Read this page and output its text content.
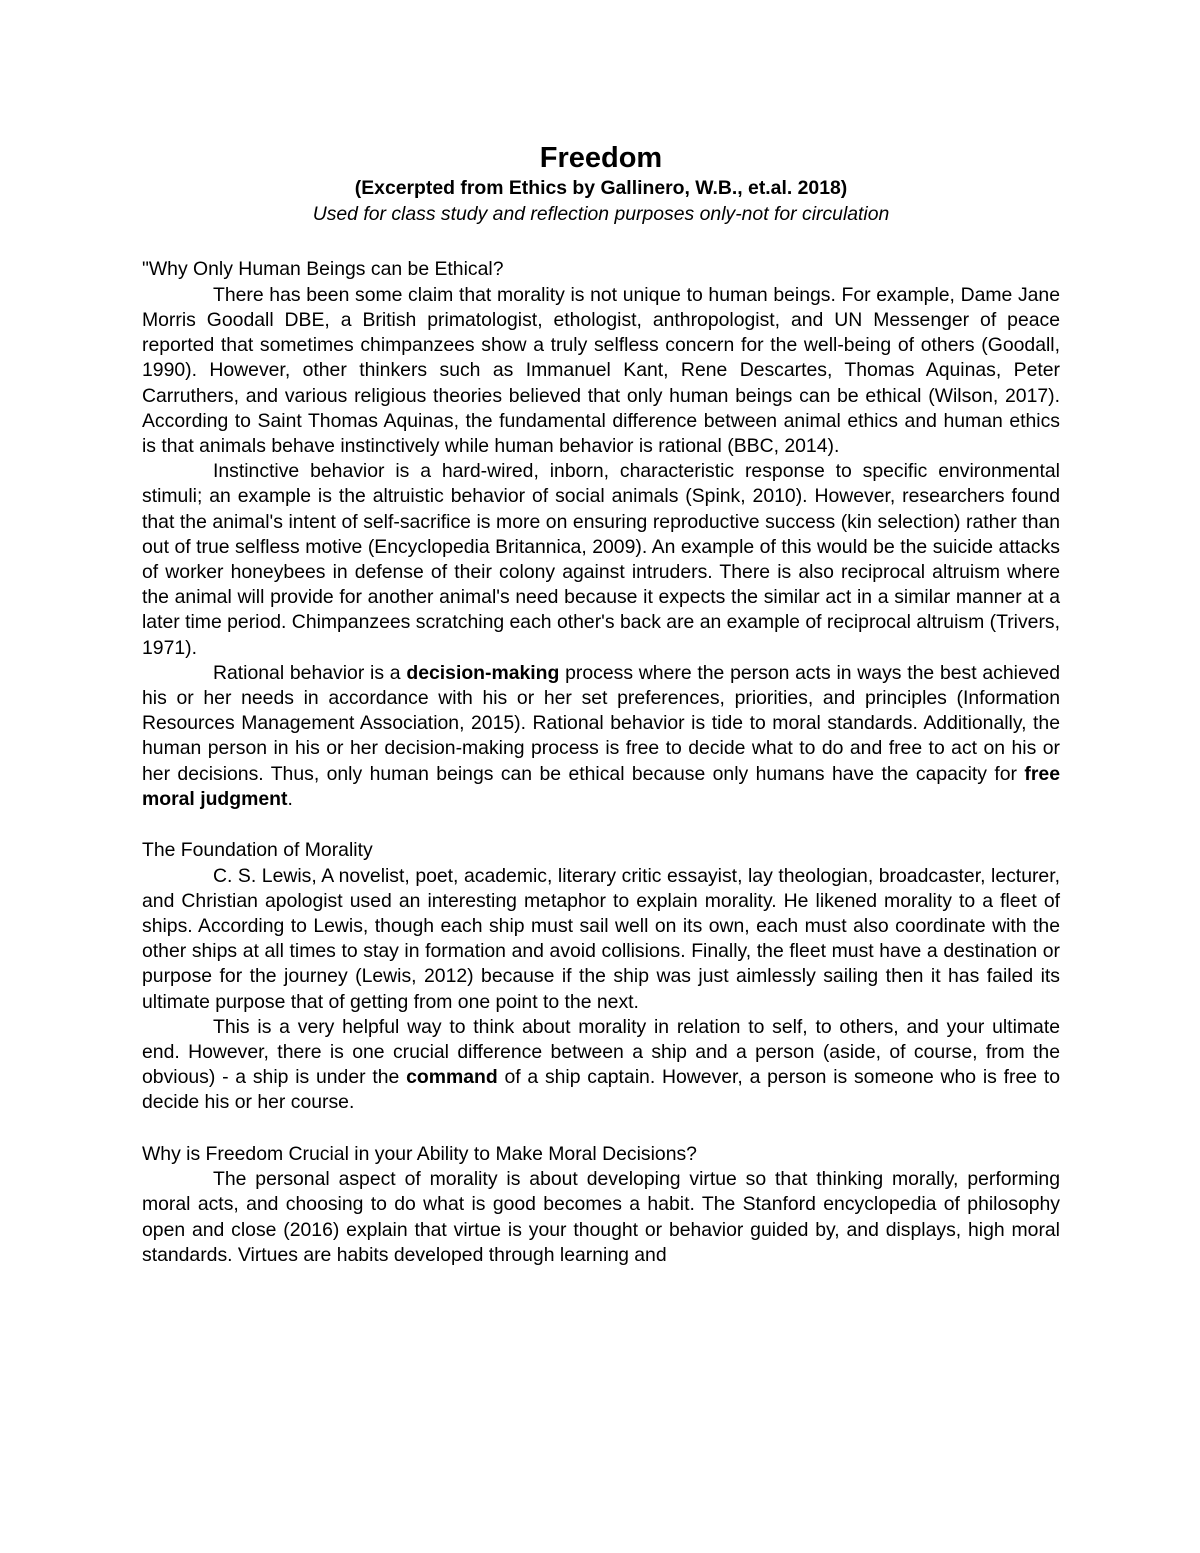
Freedom
(Excerpted from Ethics by Gallinero, W.B., et.al. 2018)
Used for class study and reflection purposes only-not for circulation
"Why Only Human Beings can be Ethical?

There has been some claim that morality is not unique to human beings. For example, Dame Jane Morris Goodall DBE, a British primatologist, ethologist, anthropologist, and UN Messenger of peace reported that sometimes chimpanzees show a truly selfless concern for the well-being of others (Goodall, 1990). However, other thinkers such as Immanuel Kant, Rene Descartes, Thomas Aquinas, Peter Carruthers, and various religious theories believed that only human beings can be ethical (Wilson, 2017). According to Saint Thomas Aquinas, the fundamental difference between animal ethics and human ethics is that animals behave instinctively while human behavior is rational (BBC, 2014).

Instinctive behavior is a hard-wired, inborn, characteristic response to specific environmental stimuli; an example is the altruistic behavior of social animals (Spink, 2010). However, researchers found that the animal's intent of self-sacrifice is more on ensuring reproductive success (kin selection) rather than out of true selfless motive (Encyclopedia Britannica, 2009). An example of this would be the suicide attacks of worker honeybees in defense of their colony against intruders. There is also reciprocal altruism where the animal will provide for another animal's need because it expects the similar act in a similar manner at a later time period. Chimpanzees scratching each other's back are an example of reciprocal altruism (Trivers, 1971).

Rational behavior is a decision-making process where the person acts in ways the best achieved his or her needs in accordance with his or her set preferences, priorities, and principles (Information Resources Management Association, 2015). Rational behavior is tide to moral standards. Additionally, the human person in his or her decision-making process is free to decide what to do and free to act on his or her decisions. Thus, only human beings can be ethical because only humans have the capacity for free moral judgment.

The Foundation of Morality

C. S. Lewis, A novelist, poet, academic, literary critic essayist, lay theologian, broadcaster, lecturer, and Christian apologist used an interesting metaphor to explain morality. He likened morality to a fleet of ships. According to Lewis, though each ship must sail well on its own, each must also coordinate with the other ships at all times to stay in formation and avoid collisions. Finally, the fleet must have a destination or purpose for the journey (Lewis, 2012) because if the ship was just aimlessly sailing then it has failed its ultimate purpose that of getting from one point to the next.

This is a very helpful way to think about morality in relation to self, to others, and your ultimate end. However, there is one crucial difference between a ship and a person (aside, of course, from the obvious) - a ship is under the command of a ship captain. However, a person is someone who is free to decide his or her course.

Why is Freedom Crucial in your Ability to Make Moral Decisions?

The personal aspect of morality is about developing virtue so that thinking morally, performing moral acts, and choosing to do what is good becomes a habit. The Stanford encyclopedia of philosophy open and close (2016) explain that virtue is your thought or behavior guided by, and displays, high moral standards. Virtues are habits developed through learning and
